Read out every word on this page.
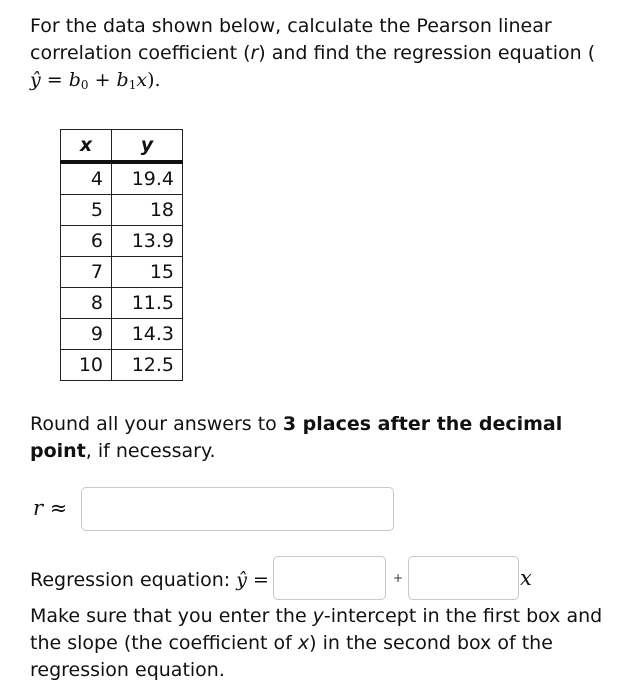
For the data shown below, calculate the Pearson linear correlation coefficient (r) and find the regression equation (
ŷ = $b_0 + b_1x$).
x	y
4	19.4
5	18
6	13.9
7	15
8	11.5
9	14.3
10	12.5
Round all your answers to 3 places after the decimal point, if necessary.
r ≈
Regression equation: ŷ =	+	x
Make sure that you enter the y-intercept in the first box and the slope (the coefficient of x) in the second box of the regression equation.
